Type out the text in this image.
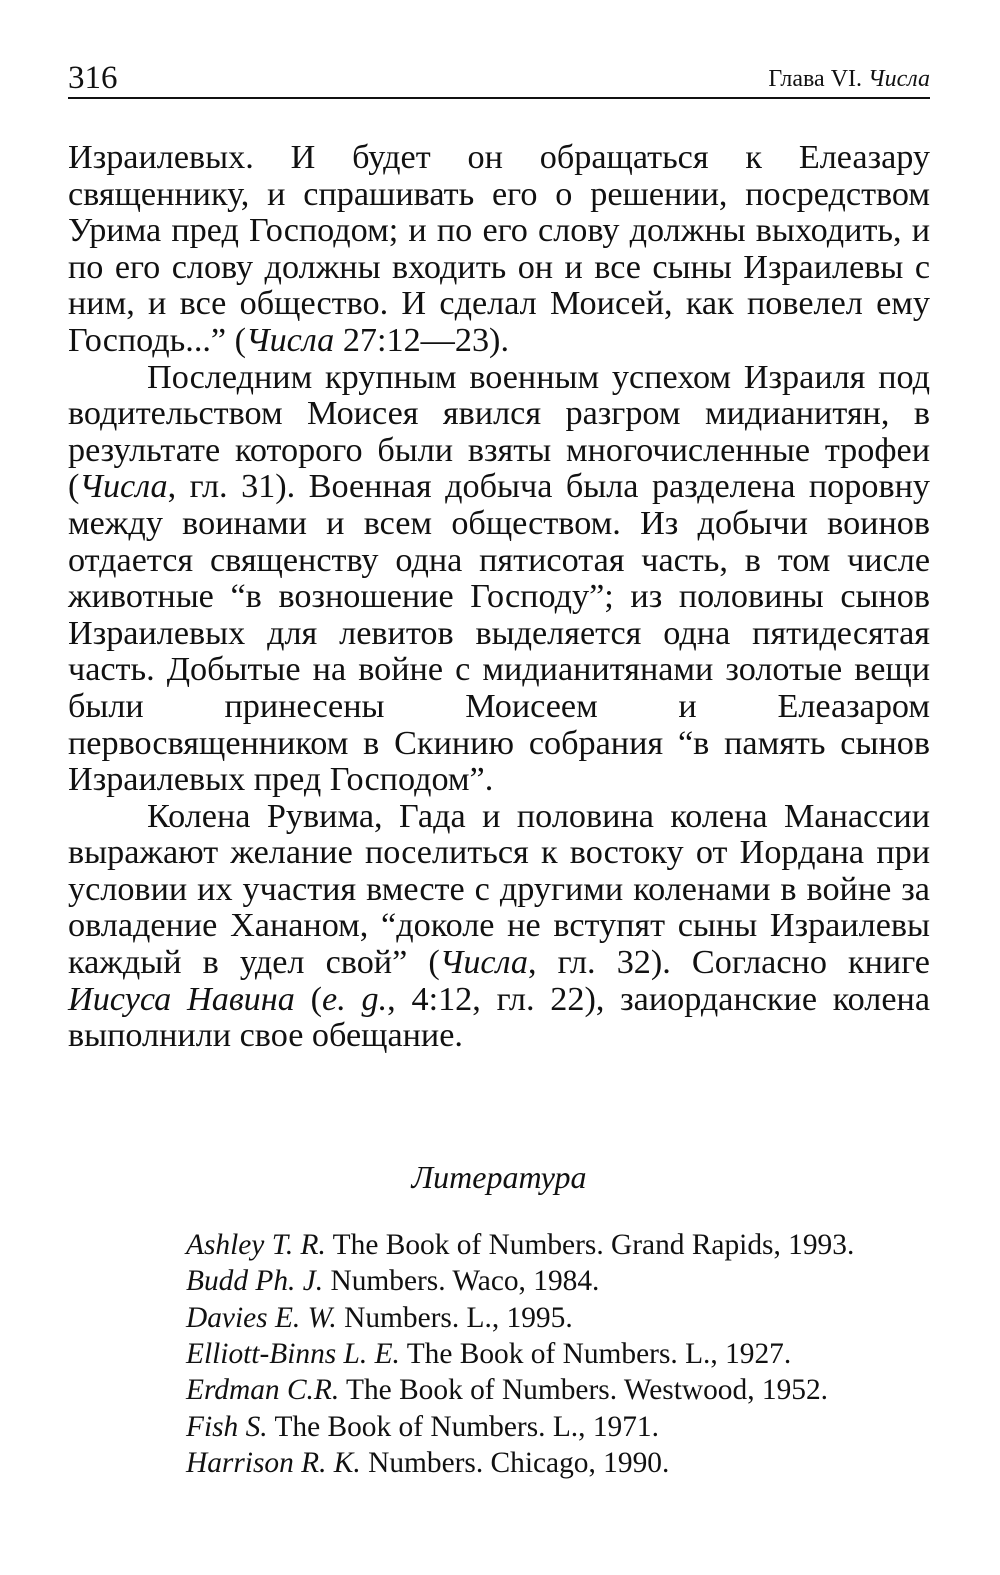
316	Глава VI. Числа

Израилевых. И будет он обращаться к Елеазару священнику, и спрашивать его о решении, посредством Урима пред Господом; и по его слову должны выходить, и по его слову должны входить он и все сыны Израилевы с ним, и все общество. И сделал Моисей, как повелел ему Господь...” (Числа 27:12—23).

Последним крупным военным успехом Израиля под водительством Моисея явился разгром мидианитян, в результате которого были взяты многочисленные трофеи (Числа, гл. 31). Военная добыча была разделена поровну между воинами и всем обществом. Из добычи воинов отдается священству одна пятисотая часть, в том числе животные “в возношение Господу”; из половины сынов Израилевых для левитов выделяется одна пятидесятая часть. Добытые на войне с мидианитянами золотые вещи были принесены Моисеем и Елеазаром первосвященником в Скинию собрания “в память сынов Израилевых пред Господом”.

Колена Рувима, Гада и половина колена Манассии выражают желание поселиться к востоку от Иордана при условии их участия вместе с другими коленами в войне за овладение Хананом, “доколе не вступят сыны Израилевы каждый в удел свой” (Числа, гл. 32). Согласно книге Иисуса Навина (e. g., 4:12, гл. 22), заиорданские колена выполнили свое обещание.

Литература
Ashley T. R. The Book of Numbers. Grand Rapids, 1993.
Budd Ph. J. Numbers. Waco, 1984.
Davies E. W. Numbers. L., 1995.
Elliott-Binns L. E. The Book of Numbers. L., 1927.
Erdman C.R. The Book of Numbers. Westwood, 1952.
Fish S. The Book of Numbers. L., 1971.
Harrison R. K. Numbers. Chicago, 1990.
